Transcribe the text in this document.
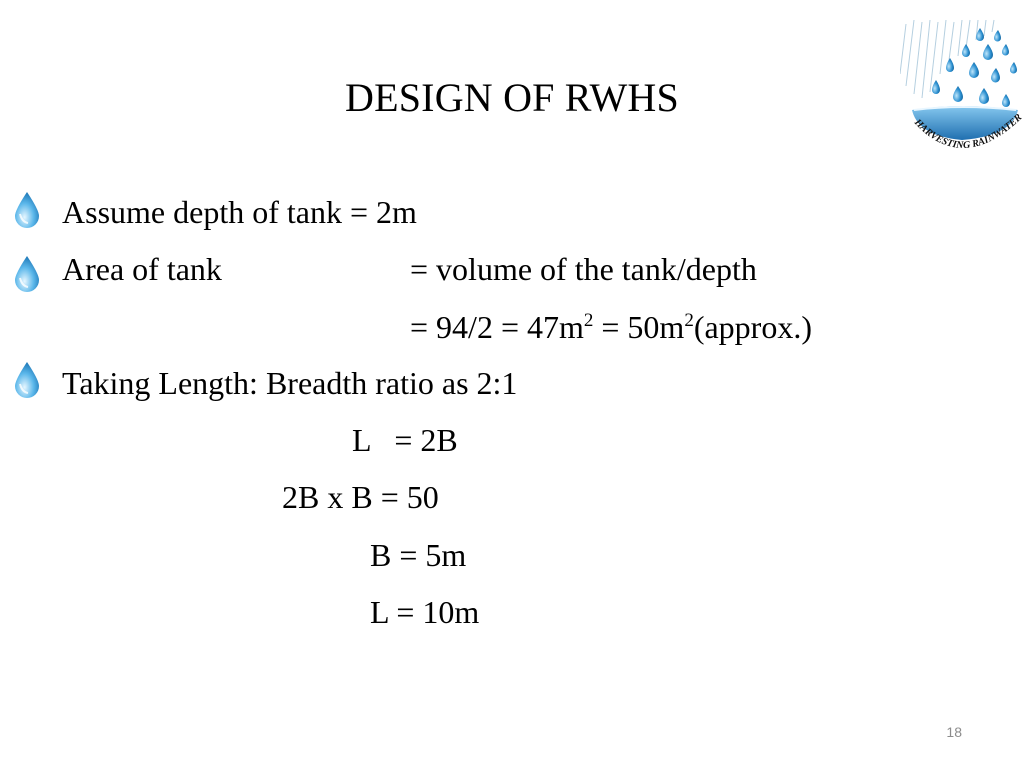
DESIGN OF RWHS
HARVESTING RAINWATER
Assume depth of tank = 2m
Area of tank	= volume of the tank/depth
= $94/2 = 47m^2$ = $50m^2(approx.)$
Taking Length: Breadth ratio as 2:1
L   = 2B
2B x B = 50
B = 5m
L = 10m
18
